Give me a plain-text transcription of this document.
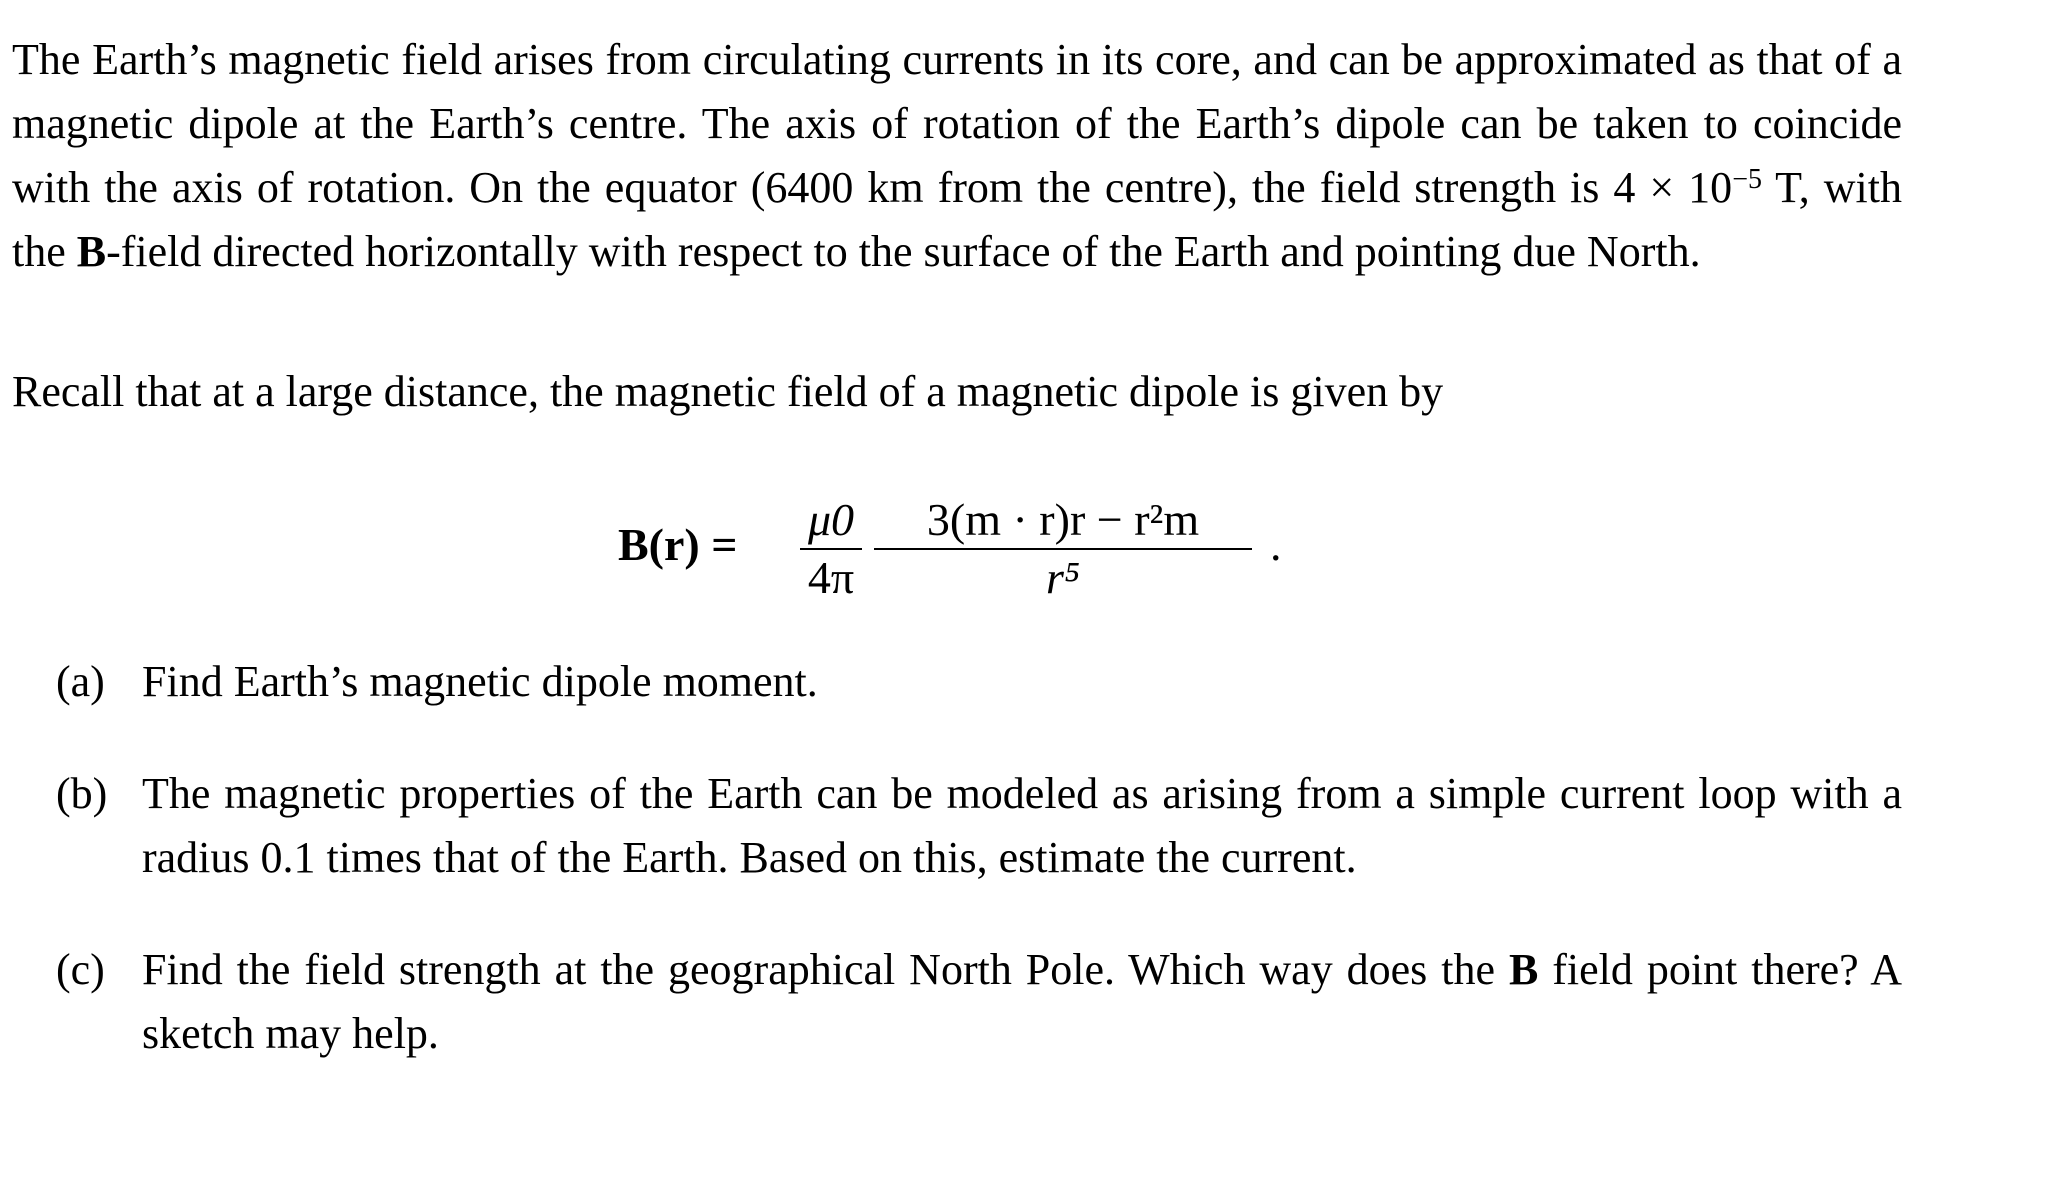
The Earth’s magnetic field arises from circulating currents in its core, and can be approximated as that of a magnetic dipole at the Earth’s centre. The axis of rotation of the Earth’s dipole can be taken to coincide with the axis of rotation. On the equator (6400 km from the centre), the field strength is $4 \times 10^{-5}$ T, with the B-field directed horizontally with respect to the surface of the Earth and pointing due North.

Recall that at a large distance, the magnetic field of a magnetic dipole is given by

$B(r) = \frac{\mu 0}{4\pi} \frac{\text{3(m · r)r − r²m}}{\text{r⁵}}$ .
(a) Find Earth’s magnetic dipole moment.
(b) The magnetic properties of the Earth can be modeled as arising from a simple current loop with a radius 0.1 times that of the Earth. Based on this, estimate the current.
(c) Find the field strength at the geographical North Pole. Which way does the B field point there? A sketch may help.
